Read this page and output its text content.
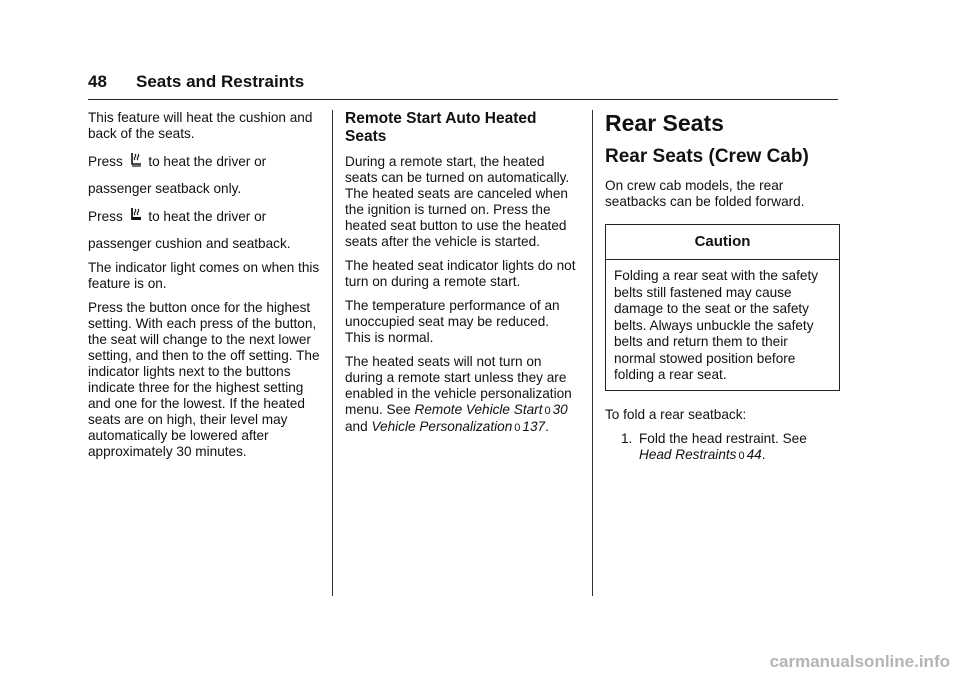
48 Seats and Restraints

This feature will heat the cushion and back of the seats.

Press to heat the driver or passenger seatback only.

Press to heat the driver or passenger cushion and seatback.

The indicator light comes on when this feature is on.

Press the button once for the highest setting. With each press of the button, the seat will change to the next lower setting, and then to the off setting. The indicator lights next to the buttons indicate three for the highest setting and one for the lowest. If the heated seats are on high, their level may automatically be lowered after approximately 30 minutes.

Remote Start Auto Heated Seats

During a remote start, the heated seats can be turned on automatically. The heated seats are canceled when the ignition is turned on. Press the heated seat button to use the heated seats after the vehicle is started.

The heated seat indicator lights do not turn on during a remote start.

The temperature performance of an unoccupied seat may be reduced. This is normal.

The heated seats will not turn on during a remote start unless they are enabled in the vehicle personalization menu. See Remote Vehicle Start 0 30 and Vehicle Personalization 0 137.

Rear Seats
Rear Seats (Crew Cab)

On crew cab models, the rear seatbacks can be folded forward.

Caution
Folding a rear seat with the safety belts still fastened may cause damage to the seat or the safety belts. Always unbuckle the safety belts and return them to their normal stowed position before folding a rear seat.

To fold a rear seatback:

1. Fold the head restraint. See
Head Restraints 0 44.

carmanualsonline.info
